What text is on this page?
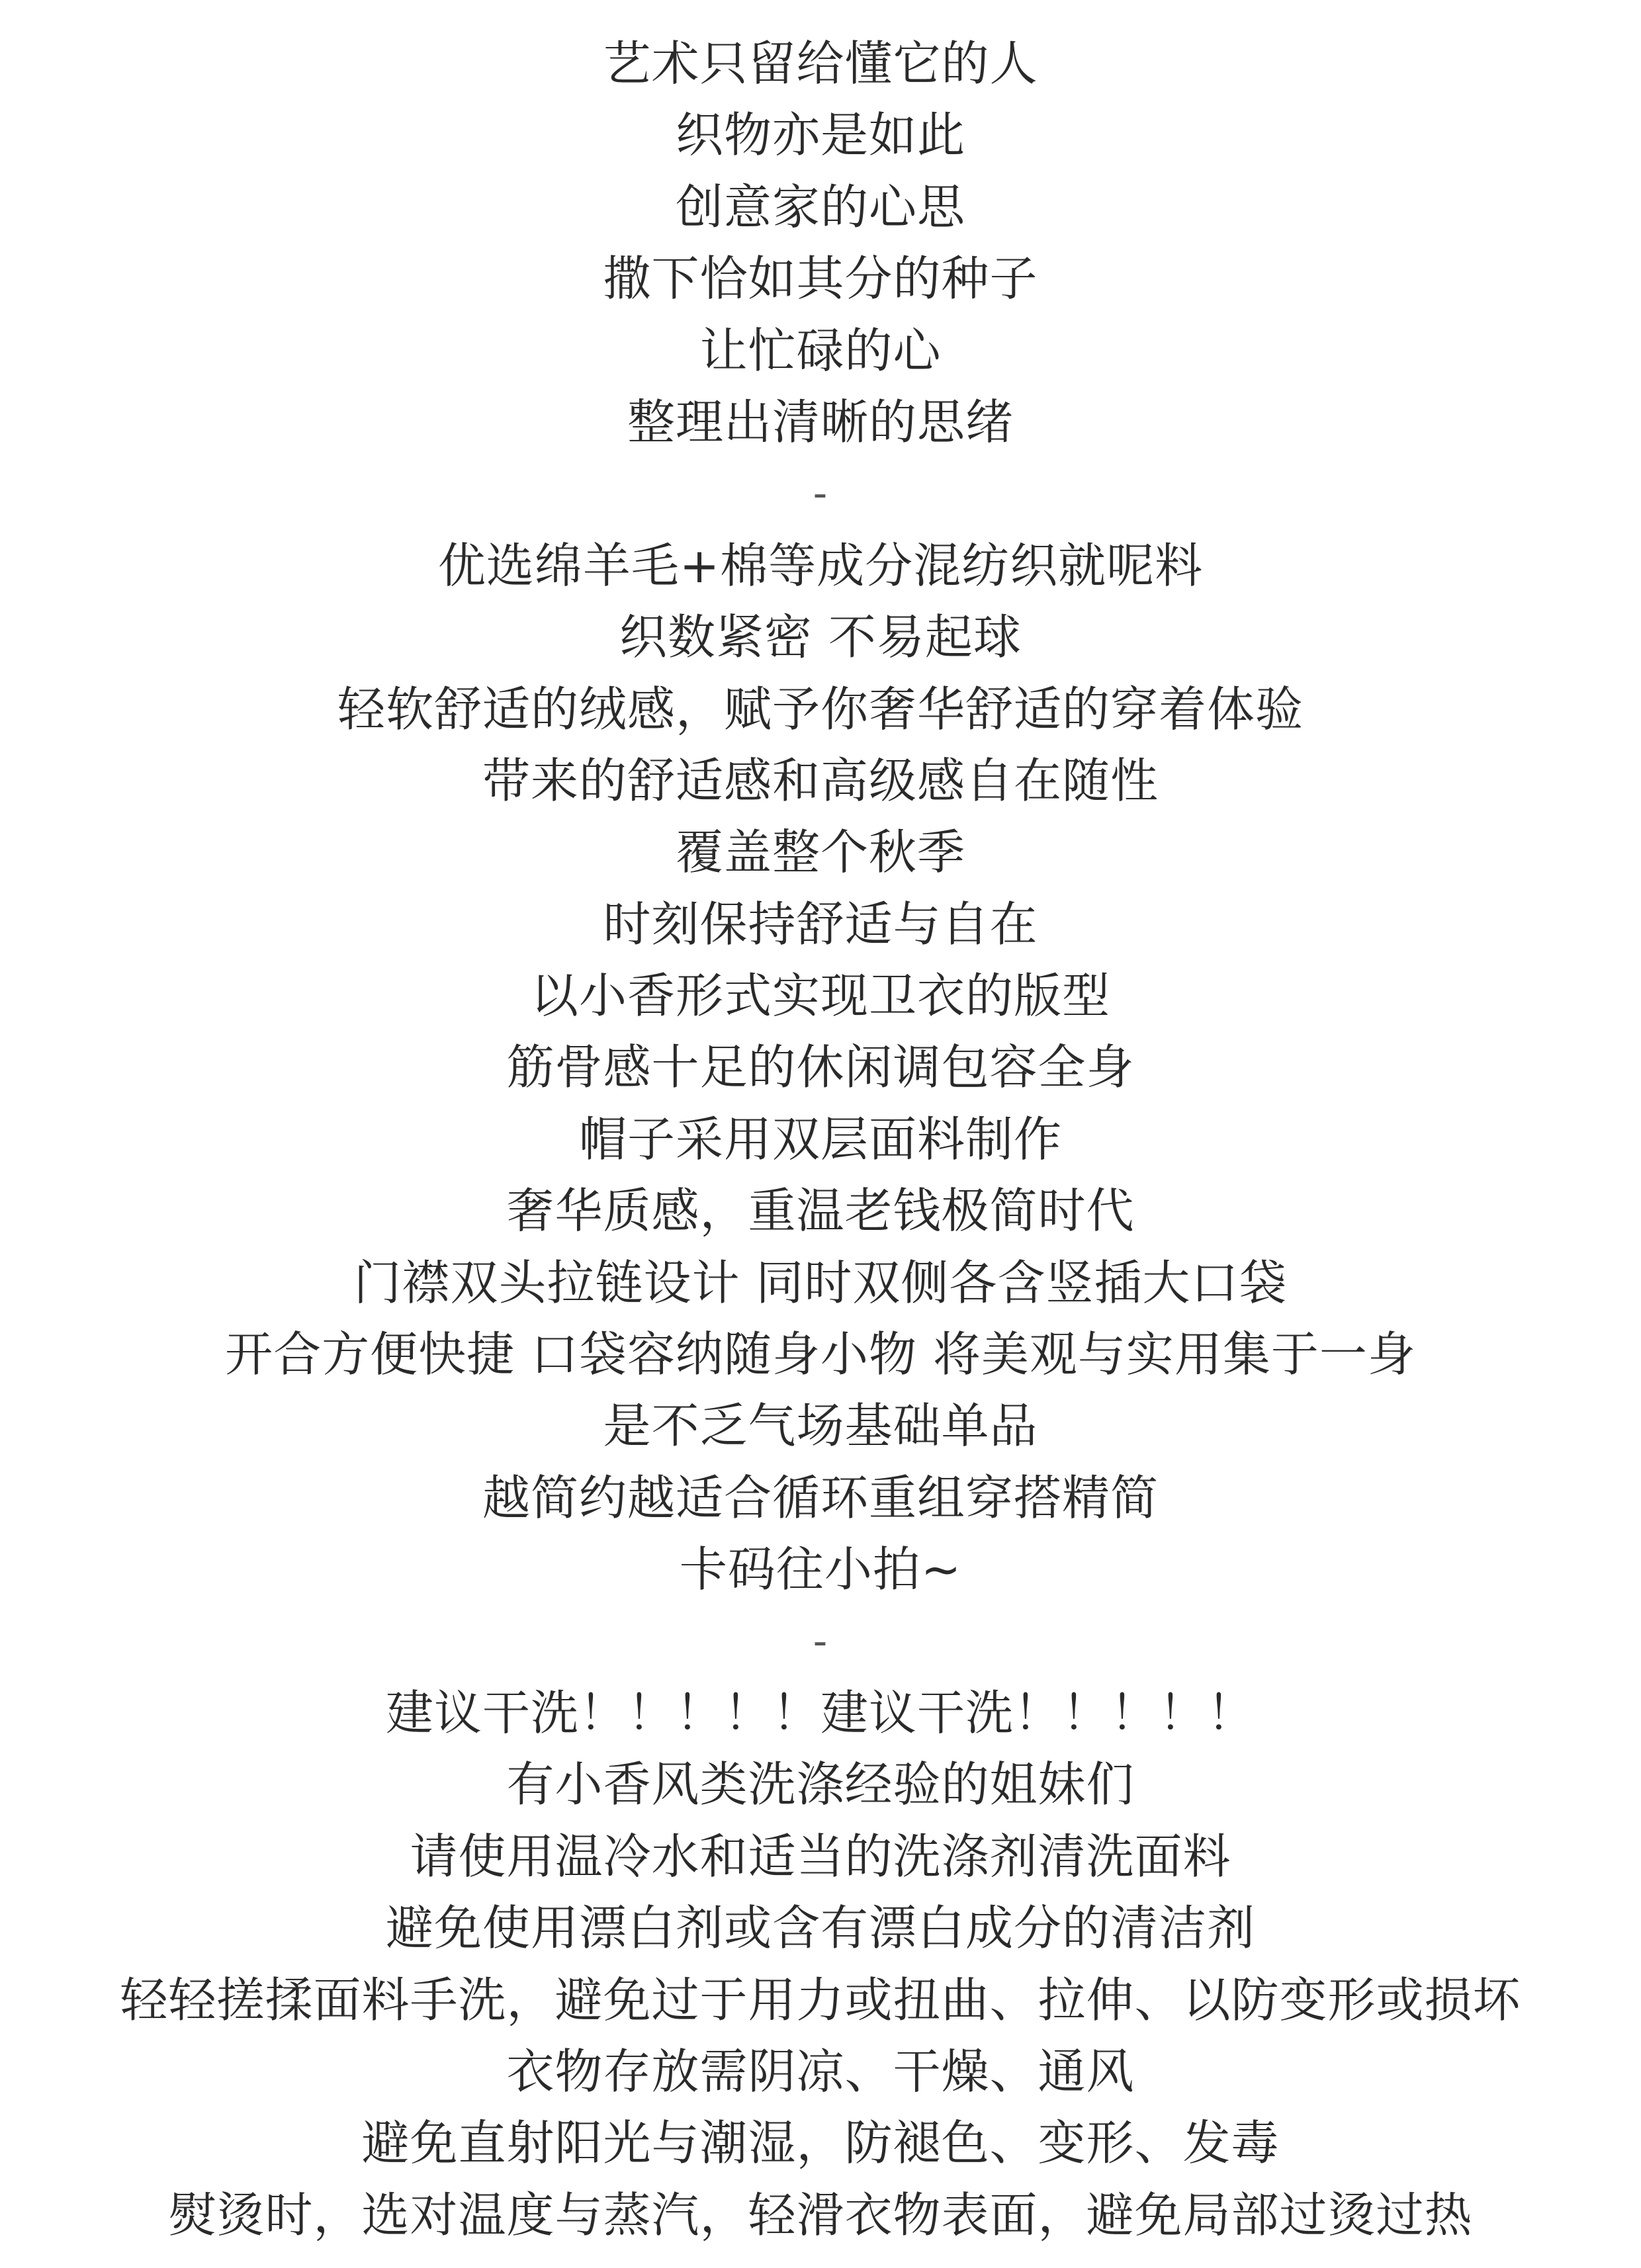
艺术只留给懂它的人
织物亦是如此
创意家的心思
撒下恰如其分的种子
让忙碌的心
整理出清晰的思绪
-
优选绵羊毛+棉等成分混纺织就呢料
织数紧密 不易起球
轻软舒适的绒感，赋予你奢华舒适的穿着体验
带来的舒适感和高级感自在随性
覆盖整个秋季
时刻保持舒适与自在
以小香形式实现卫衣的版型
筋骨感十足的休闲调包容全身
帽子采用双层面料制作
奢华质感，重温老钱极简时代
门襟双头拉链设计 同时双侧各含竖插大口袋
开合方便快捷 口袋容纳随身小物 将美观与实用集于一身
是不乏气场基础单品
越简约越适合循环重组穿搭精简
卡码往小拍~
-
建议干洗！！！！！建议干洗！！！！！
有小香风类洗涤经验的姐妹们
请使用温冷水和适当的洗涤剂清洗面料
避免使用漂白剂或含有漂白成分的清洁剂
轻轻搓揉面料手洗，避免过于用力或扭曲、拉伸、以防变形或损坏
衣物存放需阴凉、干燥、通风
避免直射阳光与潮湿，防褪色、变形、发毒
熨烫时，选对温度与蒸汽，轻滑衣物表面，避免局部过烫过热
